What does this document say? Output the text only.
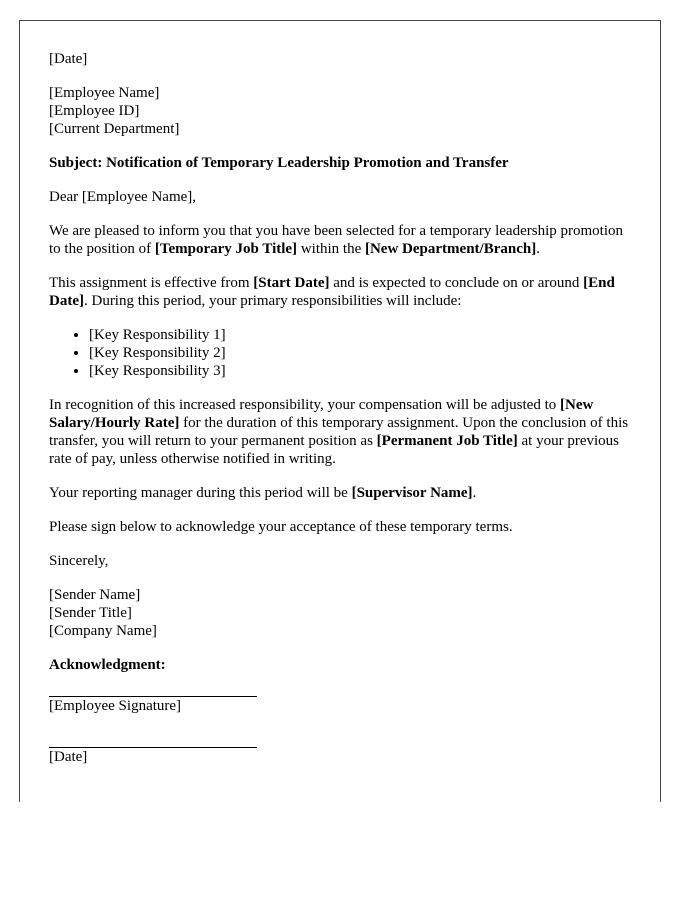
[Date]

[Employee Name]
[Employee ID]
[Current Department]

Subject: Notification of Temporary Leadership Promotion and Transfer

Dear [Employee Name],

We are pleased to inform you that you have been selected for a temporary leadership promotion to the position of [Temporary Job Title] within the [New Department/Branch].

This assignment is effective from [Start Date] and is expected to conclude on or around [End Date]. During this period, your primary responsibilities will include:

• [Key Responsibility 1]
• [Key Responsibility 2]
• [Key Responsibility 3]

In recognition of this increased responsibility, your compensation will be adjusted to [New Salary/Hourly Rate] for the duration of this temporary assignment. Upon the conclusion of this transfer, you will return to your permanent position as [Permanent Job Title] at your previous rate of pay, unless otherwise notified in writing.

Your reporting manager during this period will be [Supervisor Name].

Please sign below to acknowledge your acceptance of these temporary terms.

Sincerely,

[Sender Name]
[Sender Title]
[Company Name]

Acknowledgment:

[Employee Signature]

[Date]
